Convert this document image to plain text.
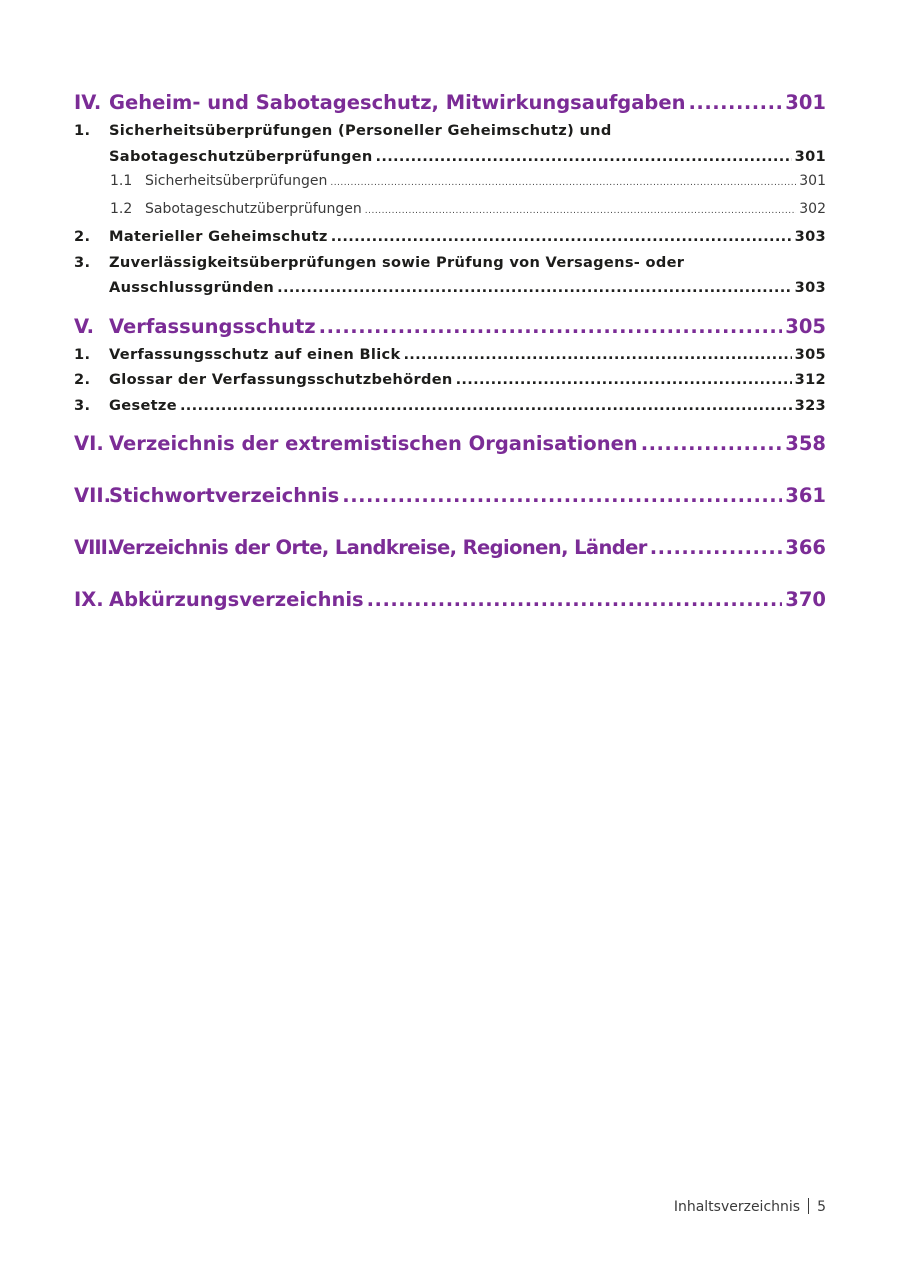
IV. Geheim- und Sabotageschutz, Mitwirkungsaufgaben .....	301
1.	Sicherheitsüberprüfungen (Personeller Geheimschutz) und
Sabotageschutzüberprüfungen .....	301
1.1 Sicherheitsüberprüfungen .....	301
1.2 Sabotageschutzüberprüfungen .....	302
2.	Materieller Geheimschutz .....	303
3.	Zuverlässigkeitsüberprüfungen sowie Prüfung von Versagens- oder
Ausschlussgründen .....	303
V. Verfassungsschutz .....	305
1.	Verfassungsschutz auf einen Blick .....	305
2.	Glossar der Verfassungsschutzbehörden .....	312
3.	Gesetze .....	323
VI. Verzeichnis der extremistischen Organisationen .....	358
VII.
Stichwortverzeichnis .....	361
VIII.
Verzeichnis der Orte, Landkreise, Regionen, Länder .....	366
IX. Abkürzungsverzeichnis .....	370
Inhaltsverzeichnis 5
